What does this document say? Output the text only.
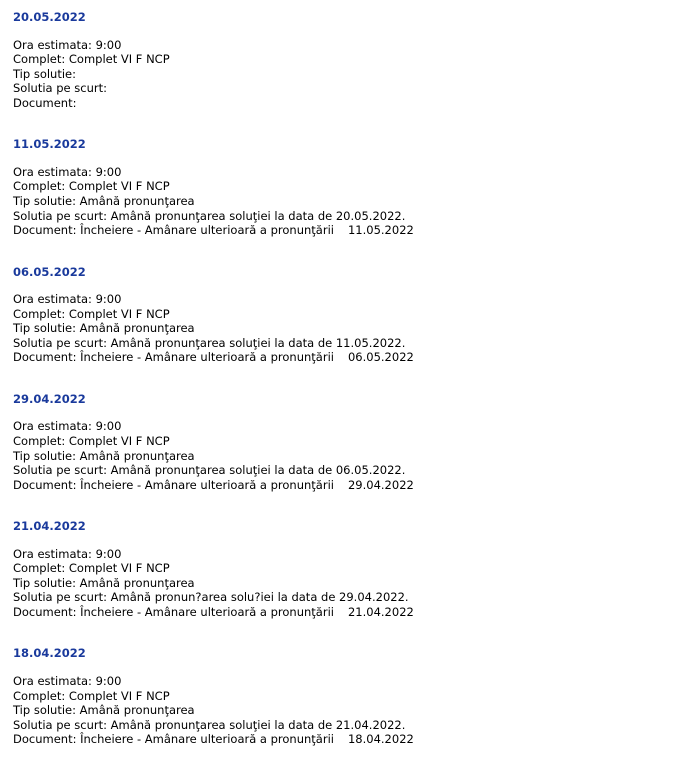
20.05.2022
Ora estimata: 9:00
Complet: Complet VI F NCP
Tip solutie:
Solutia pe scurt:
Document:
11.05.2022
Ora estimata: 9:00
Complet: Complet VI F NCP
Tip solutie: Amână pronunţarea
Solutia pe scurt: Amână pronunţarea soluţiei la data de 20.05.2022.
Document: Încheiere - Amânare ulterioară a pronunţării 11.05.2022
06.05.2022
Ora estimata: 9:00
Complet: Complet VI F NCP
Tip solutie: Amână pronunţarea
Solutia pe scurt: Amână pronunţarea soluţiei la data de 11.05.2022.
Document: Încheiere - Amânare ulterioară a pronunţării 06.05.2022
29.04.2022
Ora estimata: 9:00
Complet: Complet VI F NCP
Tip solutie: Amână pronunţarea
Solutia pe scurt: Amână pronunţarea soluţiei la data de 06.05.2022.
Document: Încheiere - Amânare ulterioară a pronunţării 29.04.2022
21.04.2022
Ora estimata: 9:00
Complet: Complet VI F NCP
Tip solutie: Amână pronunţarea
Solutia pe scurt: Amână pronun?area solu?iei la data de 29.04.2022.
Document: Încheiere - Amânare ulterioară a pronunţării 21.04.2022
18.04.2022
Ora estimata: 9:00
Complet: Complet VI F NCP
Tip solutie: Amână pronunţarea
Solutia pe scurt: Amână pronunţarea soluţiei la data de 21.04.2022.
Document: Încheiere - Amânare ulterioară a pronunţării 18.04.2022
